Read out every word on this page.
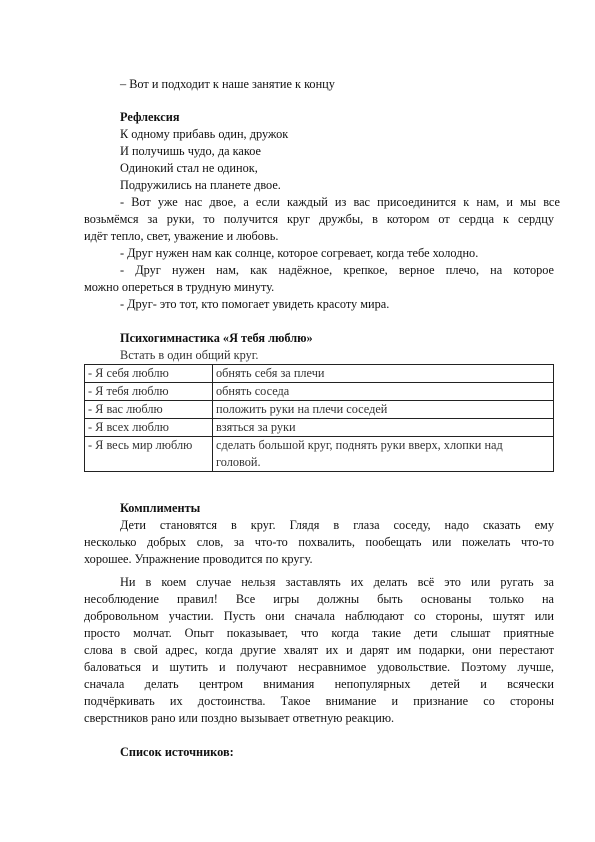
– Вот и подходит к наше занятие к концу
Рефлексия
К одному прибавь один, дружок
И получишь чудо, да какое
Одинокий стал не одинок,
Подружились на планете двое.
- Вот уже нас двое, а если каждый из вас присоединится к нам, и мы все
возьмёмся за руки, то получится круг дружбы, в котором от сердца к сердцу
идёт тепло, свет, уважение и любовь.
- Друг нужен нам как солнце, которое согревает, когда тебе холодно.
- Друг нужен нам, как надёжное, крепкое, верное плечо, на которое
можно опереться в трудную минуту.
- Друг- это тот, кто помогает увидеть красоту мира.
Психогимнастика «Я тебя люблю»
Встать в один общий круг.
- Я себя люблю	обнять себя за плечи
- Я тебя люблю	обнять соседа
- Я вас люблю	положить руки на плечи соседей
- Я всех люблю	взяться за руки
- Я весь мир люблю	сделать большой круг, поднять руки вверх, хлопки над головой.
Комплименты
Дети становятся в круг. Глядя в глаза соседу, надо сказать ему
несколько добрых слов, за что-то похвалить, пообещать или пожелать что-то
хорошее. Упражнение проводится по кругу.
Ни в коем случае нельзя заставлять их делать всё это или ругать за
несоблюдение правил! Все игры должны быть основаны только на
добровольном участии. Пусть они сначала наблюдают со стороны, шутят или
просто молчат. Опыт показывает, что когда такие дети слышат приятные
слова в свой адрес, когда другие хвалят их и дарят им подарки, они перестают
баловаться и шутить и получают несравнимое удовольствие. Поэтому лучше,
сначала делать центром внимания непопулярных детей и всячески
подчёркивать их достоинства. Такое внимание и признание со стороны
сверстников рано или поздно вызывает ответную реакцию.
Список источников:
